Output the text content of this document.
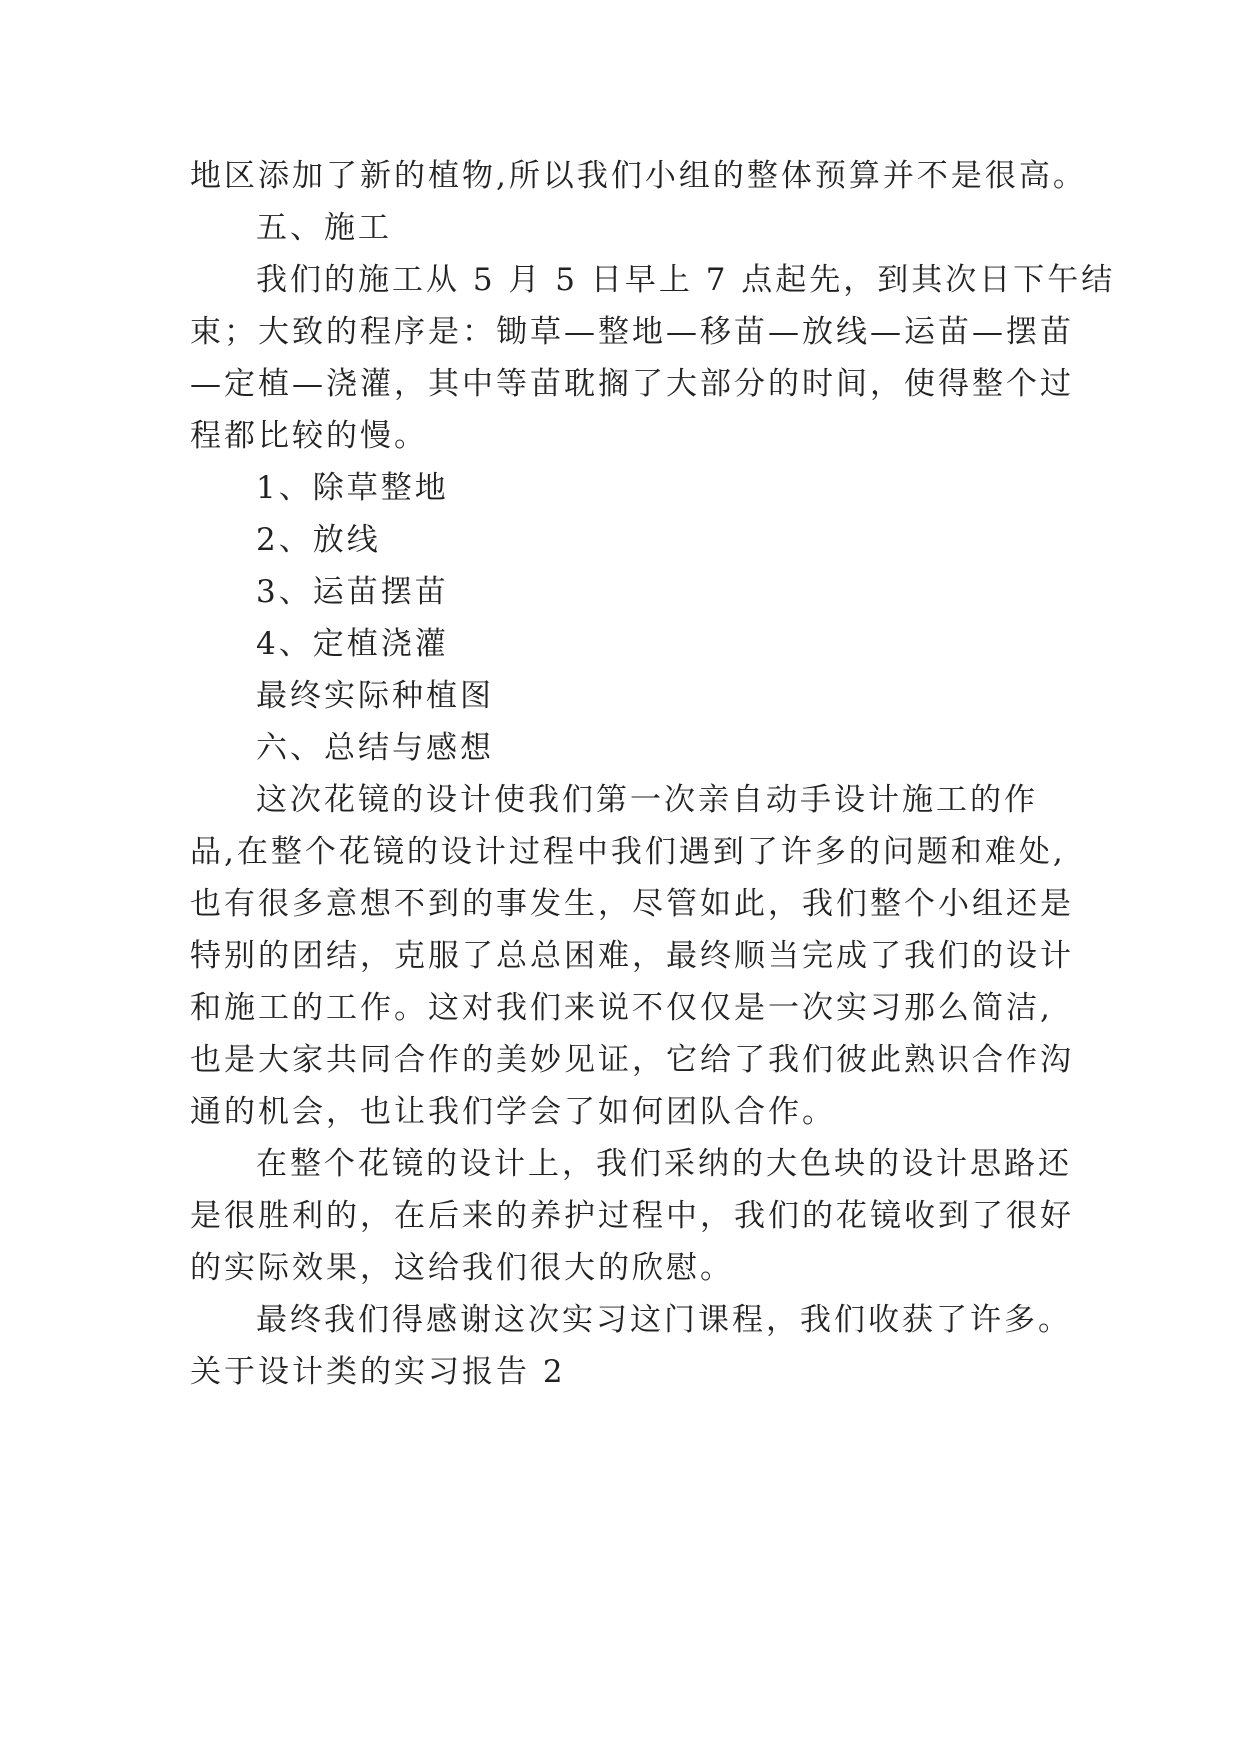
地区添加了新的植物,所以我们小组的整体预算并不是很高。
五、施工
我们的施工从 5 月 5 日早上 7 点起先，到其次日下午结
束；大致的程序是：锄草—整地—移苗—放线—运苗—摆苗
—定植—浇灌，其中等苗耽搁了大部分的时间，使得整个过
程都比较的慢。
1、除草整地
2、放线
3、运苗摆苗
4、定植浇灌
最终实际种植图
六、总结与感想
这次花镜的设计使我们第一次亲自动手设计施工的作
品,在整个花镜的设计过程中我们遇到了许多的问题和难处,
也有很多意想不到的事发生，尽管如此，我们整个小组还是
特别的团结，克服了总总困难，最终顺当完成了我们的设计
和施工的工作。这对我们来说不仅仅是一次实习那么简洁,
也是大家共同合作的美妙见证，它给了我们彼此熟识合作沟
通的机会，也让我们学会了如何团队合作。
在整个花镜的设计上，我们采纳的大色块的设计思路还
是很胜利的，在后来的养护过程中，我们的花镜收到了很好
的实际效果，这给我们很大的欣慰。
最终我们得感谢这次实习这门课程，我们收获了许多。
关于设计类的实习报告 2
